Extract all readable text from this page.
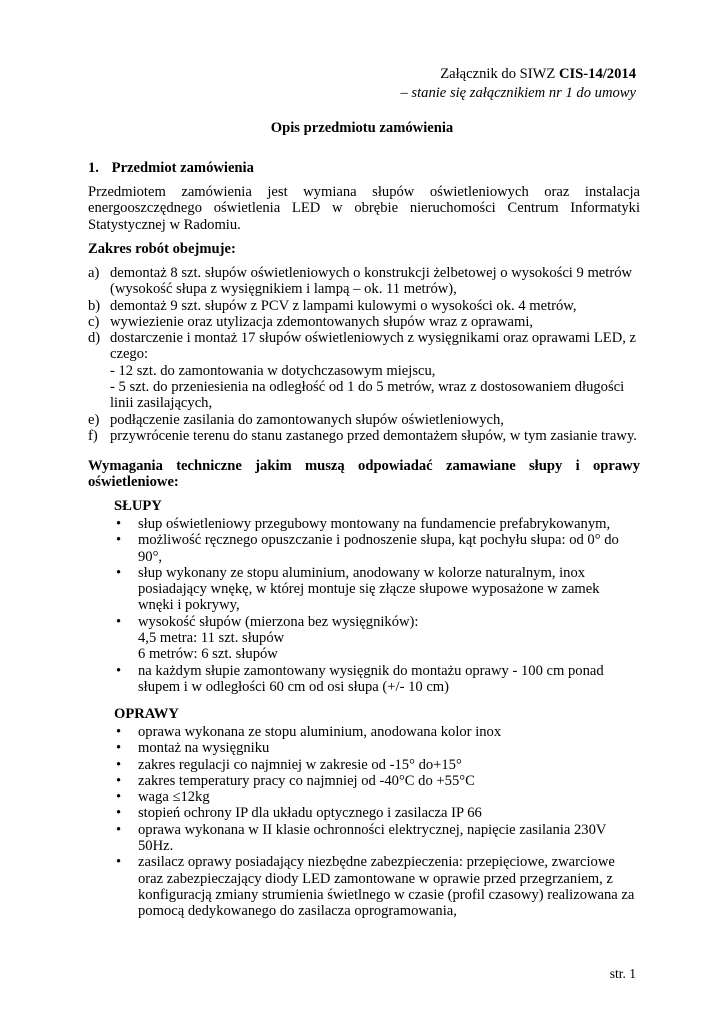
Załącznik do SIWZ CIS-14/2014
– stanie się załącznikiem nr 1 do umowy
Opis przedmiotu zamówienia
1. Przedmiot zamówienia
Przedmiotem zamówienia jest wymiana słupów oświetleniowych oraz instalacja
energooszczędnego oświetlenia LED w obrębie nieruchomości Centrum Informatyki
Statystycznej w Radomiu.
Zakres robót obejmuje:
a) demontaż 8 szt. słupów oświetleniowych o konstrukcji żelbetowej o wysokości 9 metrów
(wysokość słupa z wysięgnikiem i lampą – ok. 11 metrów),
b) demontaż 9 szt. słupów z PCV z lampami kulowymi o wysokości ok. 4 metrów,
c) wywiezienie oraz utylizacja zdemontowanych słupów wraz z oprawami,
d) dostarczenie i montaż 17 słupów oświetleniowych z wysięgnikami oraz oprawami LED, z
czego:
- 12 szt. do zamontowania w dotychczasowym miejscu,
- 5 szt. do przeniesienia na odległość od 1 do 5 metrów, wraz z dostosowaniem długości
linii zasilających,
e) podłączenie zasilania do zamontowanych słupów oświetleniowych,
f) przywrócenie terenu do stanu zastanego przed demontażem słupów, w tym zasianie trawy.
Wymagania techniczne jakim muszą odpowiadać zamawiane słupy i oprawy
oświetleniowe:
SŁUPY
• słup oświetleniowy przegubowy montowany na fundamencie prefabrykowanym,
• możliwość ręcznego opuszczanie i podnoszenie słupa, kąt pochyłu słupa: od 0° do
90°,
• słup wykonany ze stopu aluminium, anodowany w kolorze naturalnym, inox
posiadający wnękę, w której montuje się złącze słupowe wyposażone w zamek
wnęki i pokrywy,
• wysokość słupów (mierzona bez wysięgników):
4,5 metra: 11 szt. słupów
6 metrów: 6 szt. słupów
• na każdym słupie zamontowany wysięgnik do montażu oprawy - 100 cm ponad
słupem i w odległości 60 cm od osi słupa (+/- 10 cm)
OPRAWY
• oprawa wykonana ze stopu aluminium, anodowana kolor inox
• montaż na wysięgniku
• zakres regulacji co najmniej w zakresie od -15° do+15°
• zakres temperatury pracy co najmniej od -40°C do +55°C
• waga ≤12kg
• stopień ochrony IP dla układu optycznego i zasilacza IP 66
• oprawa wykonana w II klasie ochronności elektrycznej, napięcie zasilania 230V
50Hz.
• zasilacz oprawy posiadający niezbędne zabezpieczenia: przepięciowe, zwarciowe
oraz zabezpieczający diody LED zamontowane w oprawie przed przegrzaniem, z
konfiguracją zmiany strumienia świetlnego w czasie (profil czasowy) realizowana za
pomocą dedykowanego do zasilacza oprogramowania,
str. 1
